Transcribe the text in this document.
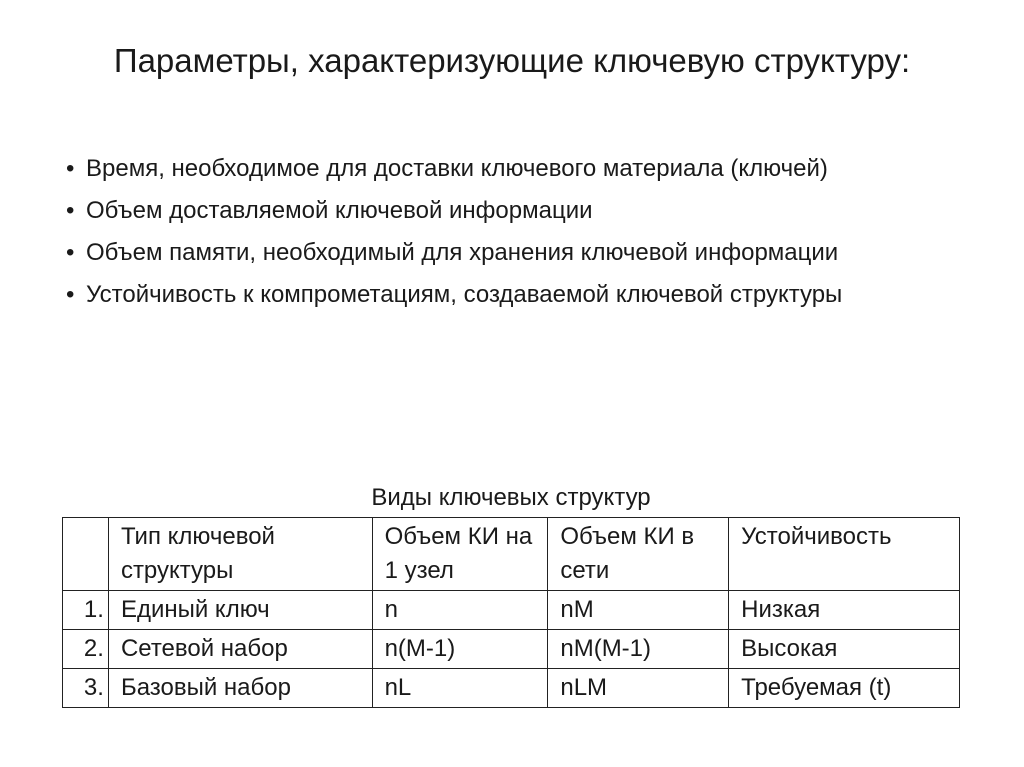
Параметры, характеризующие ключевую структуру:
• Время, необходимое для доставки ключевого материала (ключей)
• Объем доставляемой ключевой информации
• Объем памяти, необходимый для хранения ключевой информации
• Устойчивость к компрометациям, создаваемой ключевой структуры
Виды ключевых структур
	Тип ключевой структуры	Объем КИ на 1 узел	Объем КИ в сети	Устойчивость
1.	Единый ключ	n	nM	Низкая
2.	Сетевой набор	n(M-1)	nM(M-1)	Высокая
3.	Базовый набор	nL	nLM	Требуемая (t)
